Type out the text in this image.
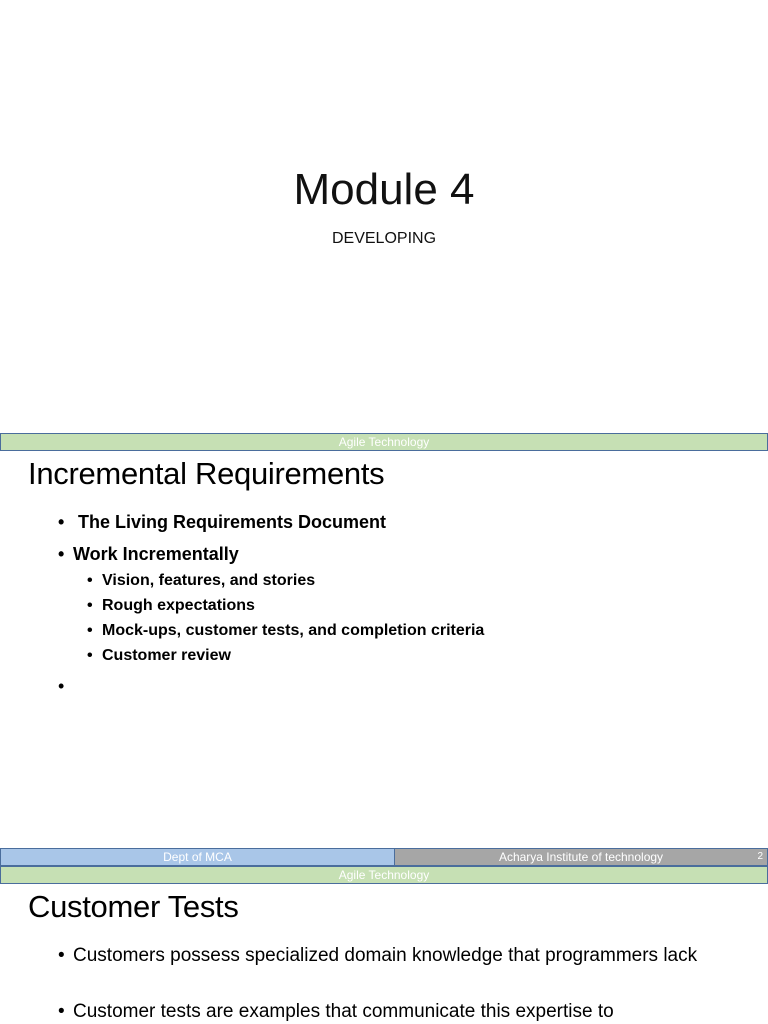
Module 4
DEVELOPING
Agile Technology
Incremental Requirements
• The Living Requirements Document
• Work Incrementally
• Vision, features, and stories
• Rough expectations
• Mock-ups, customer tests, and completion criteria
• Customer review
•
Dept of MCA	Acharya Institute of technology	2
Agile Technology
Customer Tests
• Customers possess specialized domain knowledge that programmers lack
• Customer tests are examples that communicate this expertise to
